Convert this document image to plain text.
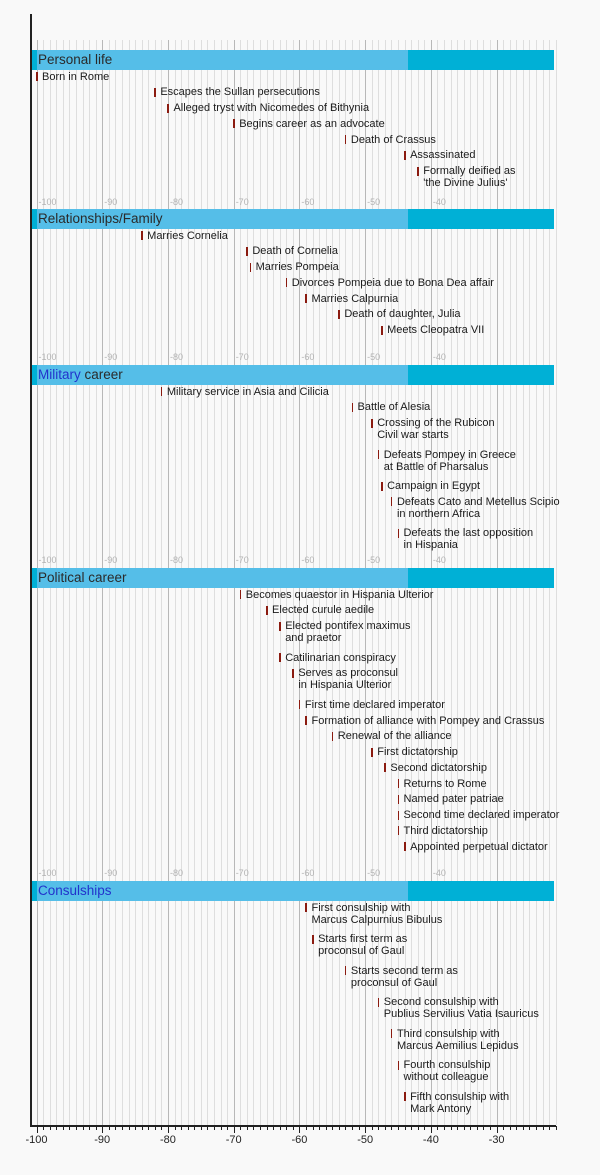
-100	-90	-80	-70	-60	-50	-40	-30
Personal life
Born in Rome
Escapes the Sullan persecutions
Alleged tryst with Nicomedes of Bithynia
Begins career as an advocate
Death of Crassus
Assassinated
Formally deified as
'the Divine Julius'
-100	-90	-80	-70	-60	-50	-40
Relationships/Family
Marries Cornelia
Death of Cornelia
Marries Pompeia
Divorces Pompeia due to Bona Dea affair
Marries Calpurnia
Death of daughter, Julia
Meets Cleopatra VII
-100	-90	-80	-70	-60	-50	-40
Military career
Military service in Asia and Cilicia
Battle of Alesia
Crossing of the Rubicon
Civil war starts
Defeats Pompey in Greece
at Battle of Pharsalus
Campaign in Egypt
Defeats Cato and Metellus Scipio
in northern Africa
Defeats the last opposition
in Hispania
-100	-90	-80	-70	-60	-50	-40
Political career
Becomes quaestor in Hispania Ulterior
Elected curule aedile
Elected pontifex maximus
and praetor
Catilinarian conspiracy
Serves as proconsul
in Hispania Ulterior
First time declared imperator
Formation of alliance with Pompey and Crassus
Renewal of the alliance
First dictatorship
Second dictatorship
Returns to Rome
Named pater patriae
Second time declared imperator
Third dictatorship
Appointed perpetual dictator
-100	-90	-80	-70	-60	-50	-40
Consulships
First consulship with
Marcus Calpurnius Bibulus
Starts first term as
proconsul of Gaul
Starts second term as
proconsul of Gaul
Second consulship with
Publius Servilius Vatia Isauricus
Third consulship with
Marcus Aemilius Lepidus
Fourth consulship
without colleague
Fifth consulship with
Mark Antony
